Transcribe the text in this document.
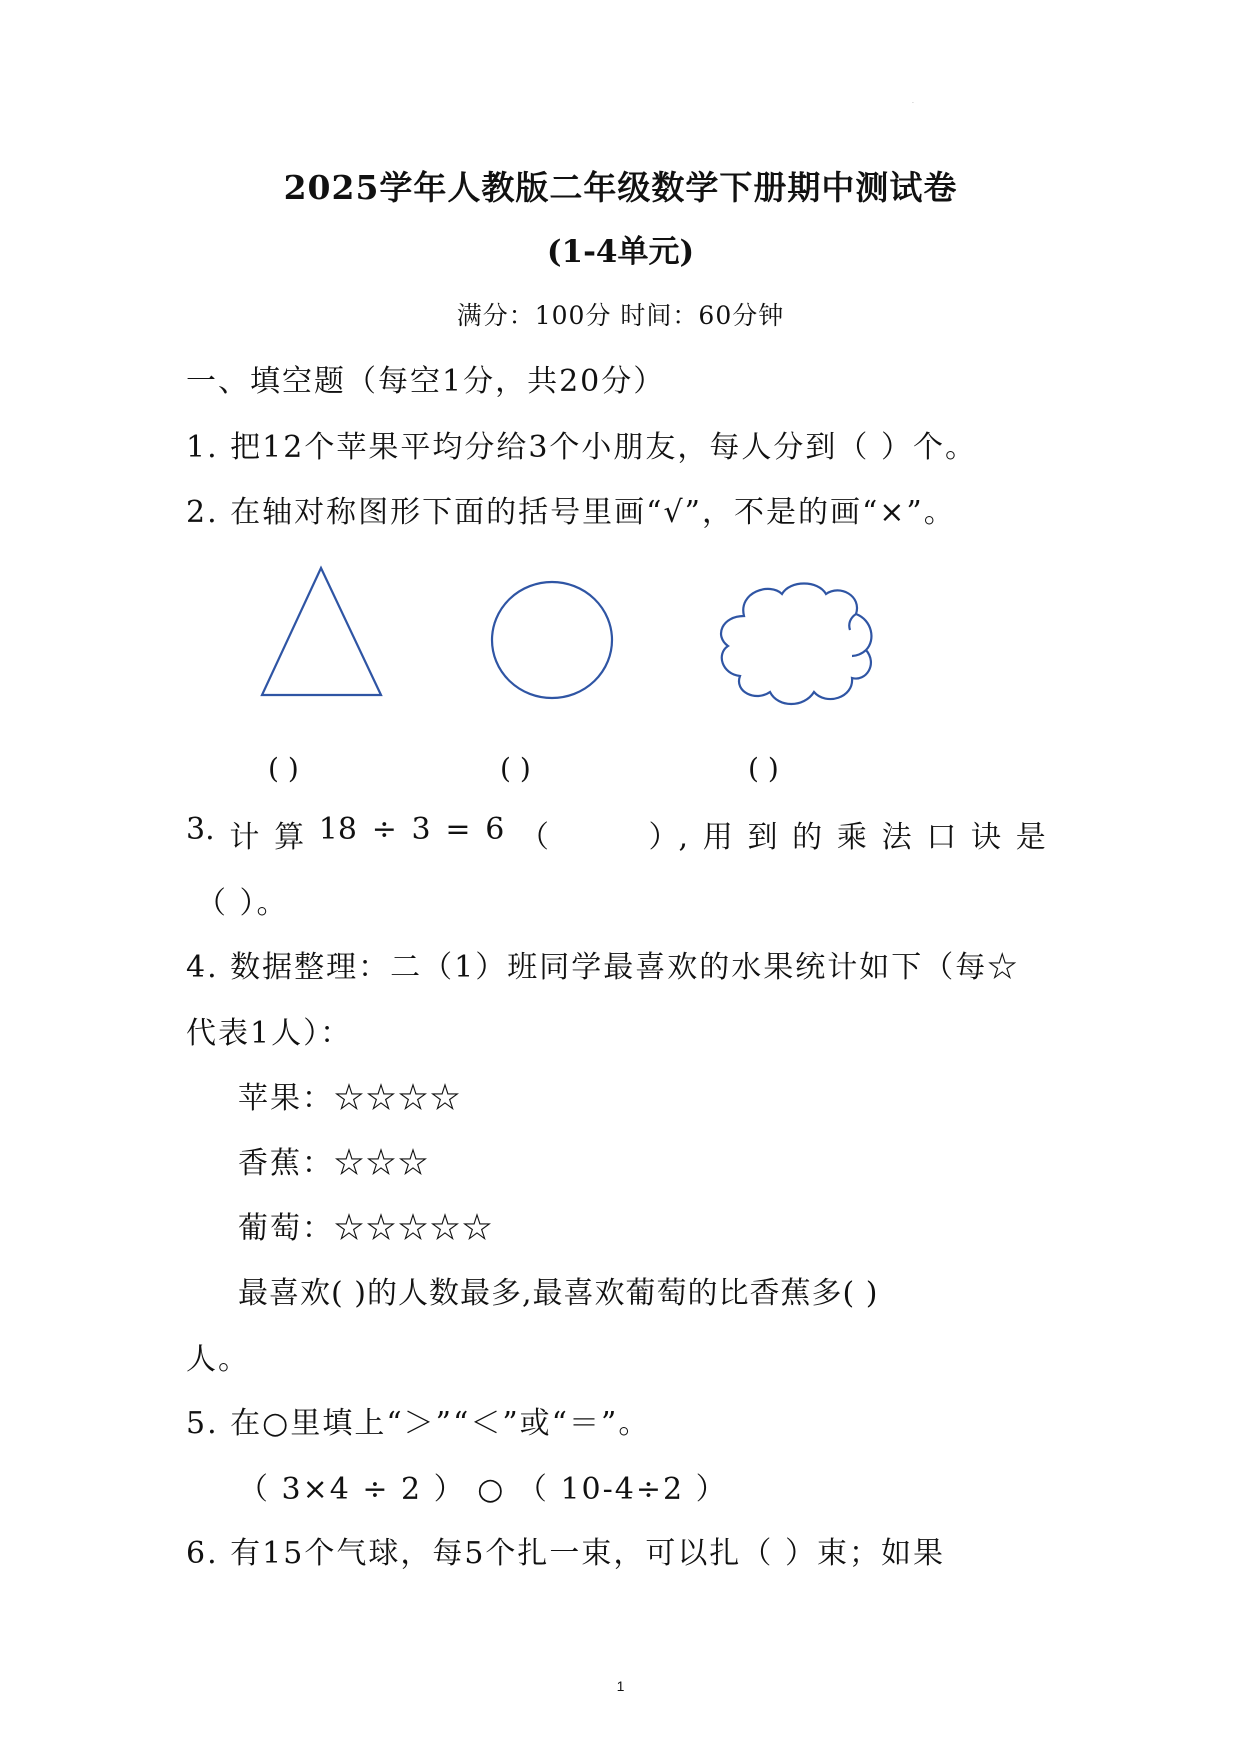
.
2025学年人教版二年级数学下册期中测试卷
(1-4单元)
满分：100分 时间：60分钟
一、填空题（每空1分，共20分）
1. 把12个苹果平均分给3个小朋友，每人分到（ ）个。
2. 在轴对称图形下面的括号里画“√”，不是的画“×”。
( )	( )	( )
3. 计 算 18 ÷ 3 = 6 （	）, 用 到 的 乘 法 口 诀 是
（ ）。
4. 数据整理：二（1）班同学最喜欢的水果统计如下（每☆
代表1人）：
苹果：☆☆☆☆
香蕉：☆☆☆
葡萄：☆☆☆☆☆
最喜欢( )的人数最多,最喜欢葡萄的比香蕉多( )
人。
5. 在○里填上“＞”“＜”或“＝”。
（ 3×4 ÷ 2 ） ○ （ 10-4÷2 ）
6. 有15个气球，每5个扎一束，可以扎（ ）束；如果
1
